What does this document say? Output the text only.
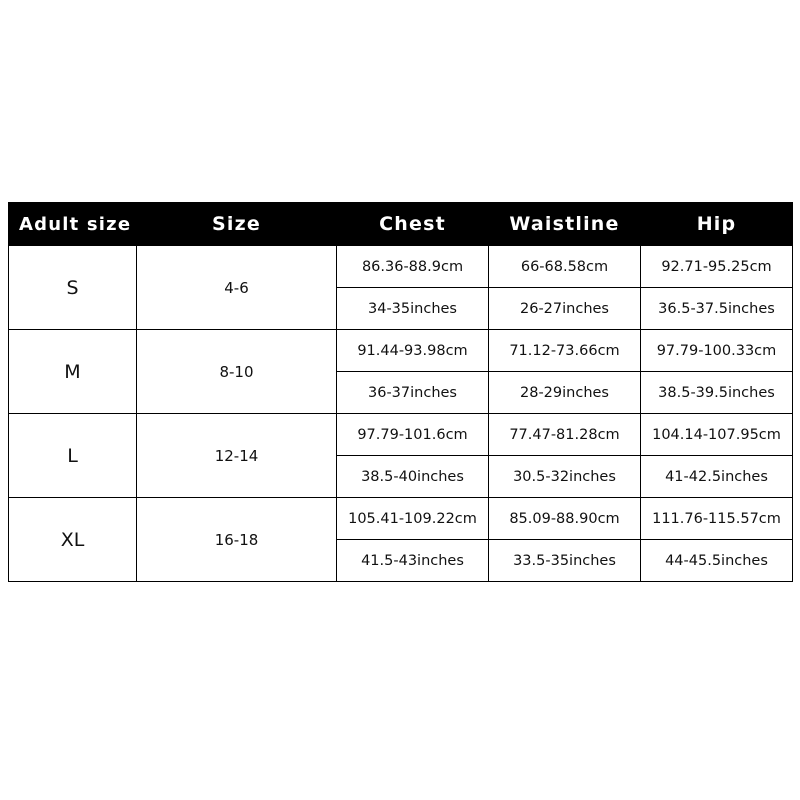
Adult size	Size	Chest	Waistline	Hip
S	4-6	86.36-88.9cm	66-68.58cm	92.71-95.25cm
		34-35inches	26-27inches	36.5-37.5inches
M	8-10	91.44-93.98cm	71.12-73.66cm	97.79-100.33cm
		36-37inches	28-29inches	38.5-39.5inches
L	12-14	97.79-101.6cm	77.47-81.28cm	104.14-107.95cm
		38.5-40inches	30.5-32inches	41-42.5inches
XL	16-18	105.41-109.22cm	85.09-88.90cm	111.76-115.57cm
		41.5-43inches	33.5-35inches	44-45.5inches
